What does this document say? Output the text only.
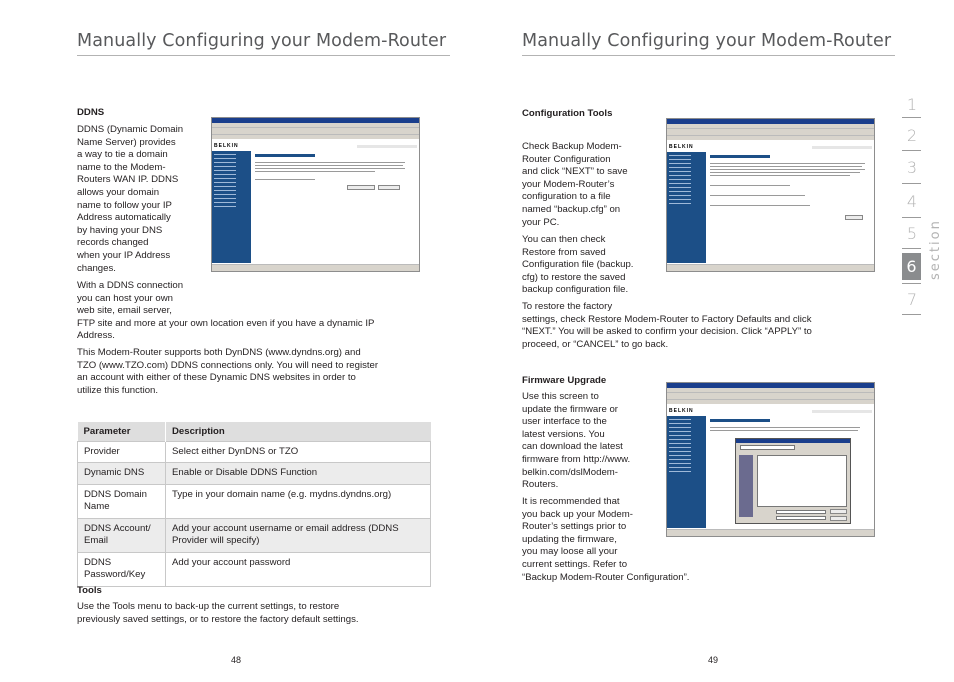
Manually Configuring your Modem-Router
DDNS
DDNS (Dynamic Domain
Name Server) provides
a way to tie a domain
name to the Modem-
Routers WAN IP. DDNS
allows your domain
name to follow your IP
Address automatically
by having your DNS
records changed
when your IP Address
changes.
With a DDNS connection
you can host your own
web site, email server,
FTP site and more at your own location even if you have a dynamic IP
Address.
This Modem-Router supports both DynDNS (www.dyndns.org) and
TZO (www.TZO.com) DDNS connections only. You will need to register
an account with either of these Dynamic DNS websites in order to
utilize this function.
BELKIN
Parameter	Description
Provider	Select either DynDNS or TZO
Dynamic DNS	Enable or Disable DDNS Function
DDNS Domain Name	Type in your domain name (e.g. mydns.dyndns.org)
DDNS Account/ Email	Add your account username or email address (DDNS Provider will specify)
DDNS Password/Key	Add your account password
Tools
Use the Tools menu to back-up the current settings, to restore
previously saved settings, or to restore the factory default settings.
48
Manually Configuring your Modem-Router
Configuration Tools
Check Backup Modem-
Router Configuration
and click “NEXT” to save
your Modem-Router’s
configuration to a file
named “backup.cfg” on
your PC.
You can then check
Restore from saved
Configuration file (backup.
cfg) to restore the saved
backup configuration file.
To restore the factory
settings, check Restore Modem-Router to Factory Defaults and click
“NEXT.” You will be asked to confirm your decision. Click “APPLY” to
proceed, or “CANCEL” to go back.
BELKIN
Firmware Upgrade
Use this screen to
update the firmware or
user interface to the
latest versions. You
can download the latest
firmware from http://www.
belkin.com/dslModem-
Routers.
It is recommended that
you back up your Modem-
Router’s settings prior to
updating the firmware,
you may loose all your
current settings. Refer to
“Backup Modem-Router Configuration”.
BELKIN
49
1
2
3
4
5
6
7
section
